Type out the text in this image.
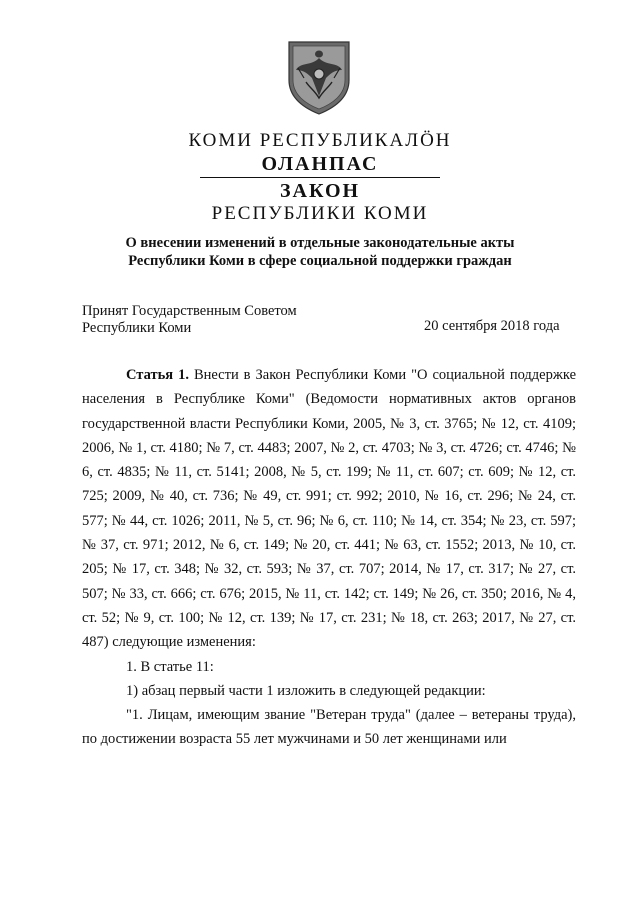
КОМИ РЕСПУБЛИКАЛӦН
ОЛАНПАС
ЗАКОН
РЕСПУБЛИКИ КОМИ
О внесении изменений в отдельные законодательные акты
Республики Коми в сфере социальной поддержки граждан
Принят Государственным Советом
Республики Коми	20 сентября 2018 года

Статья 1. Внести в Закон Республики Коми "О социальной поддержке населения в Республике Коми" (Ведомости нормативных актов органов государственной власти Республики Коми, 2005, № 3, ст. 3765; № 12, ст. 4109; 2006, № 1, ст. 4180; № 7, ст. 4483; 2007, № 2, ст. 4703; № 3, ст. 4726; ст. 4746; № 6, ст. 4835; № 11, ст. 5141; 2008, № 5, ст. 199; № 11, ст. 607; ст. 609; № 12, ст. 725; 2009, № 40, ст. 736; № 49, ст. 991; ст. 992; 2010, № 16, ст. 296; № 24, ст. 577; № 44, ст. 1026; 2011, № 5, ст. 96; № 6, ст. 110; № 14, ст. 354; № 23, ст. 597; № 37, ст. 971; 2012, № 6, ст. 149; № 20, ст. 441; № 63, ст. 1552; 2013, № 10, ст. 205; № 17, ст. 348; № 32, ст. 593; № 37, ст. 707; 2014, № 17, ст. 317; № 27, ст. 507; № 33, ст. 666; ст. 676; 2015, № 11, ст. 142; ст. 149; № 26, ст. 350; 2016, № 4, ст. 52; № 9, ст. 100; № 12, ст. 139; № 17, ст. 231; № 18, ст. 263; 2017, № 27, ст. 487) следующие изменения:

1. В статье 11:

1) абзац первый части 1 изложить в следующей редакции:

"1. Лицам, имеющим звание "Ветеран труда" (далее – ветераны труда), по достижении возраста 55 лет мужчинами и 50 лет женщинами или
